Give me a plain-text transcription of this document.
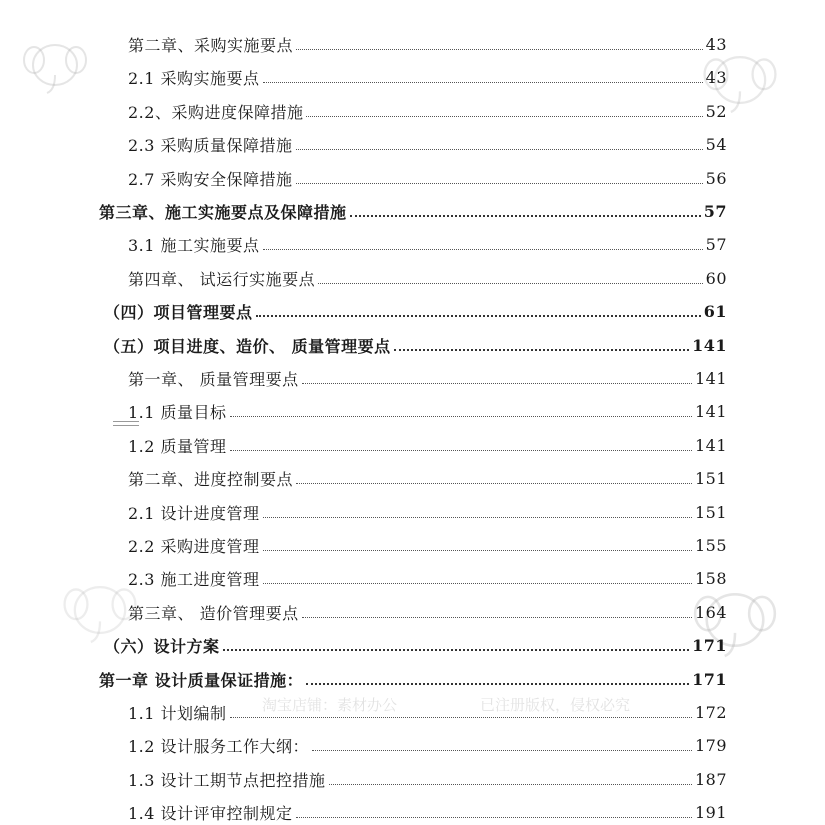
淘宝店铺：素材办公	已注册版权，侵权必究
第二章、采购实施要点	43
2.1 采购实施要点	43
2.2、采购进度保障措施	52
2.3 采购质量保障措施	54
2.7 采购安全保障措施	56
第三章、施工实施要点及保障措施	57
3.1 施工实施要点	57
第四章、 试运行实施要点	60
（四）项目管理要点	61
（五）项目进度、造价、 质量管理要点	141
第一章、 质量管理要点	141
1.1 质量目标	141
1.2 质量管理	141
第二章、进度控制要点	151
2.1 设计进度管理	151
2.2 采购进度管理	155
2.3 施工进度管理	158
第三章、 造价管理要点	164
（六）设计方案	171
第一章 设计质量保证措施：	171
1.1 计划编制	172
1.2 设计服务工作大纲：	179
1.3 设计工期节点把控措施	187
1.4 设计评审控制规定	191
